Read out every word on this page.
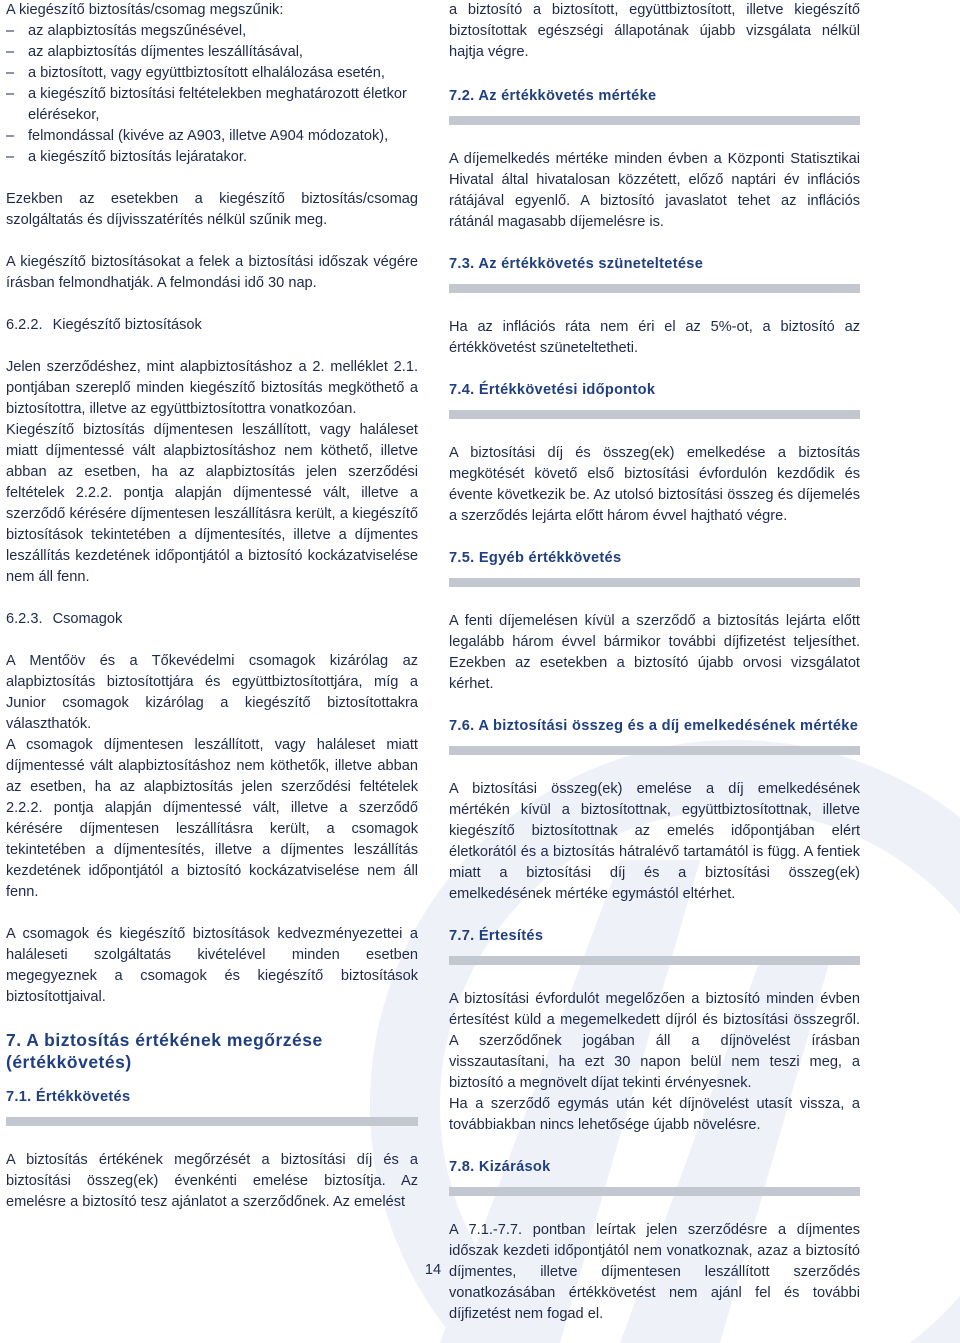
A kiegészítő biztosítás/csomag megszűnik:

– az alapbiztosítás megszűnésével,
– az alapbiztosítás díjmentes leszállításával,
– a biztosított, vagy együttbiztosított elhalálozása esetén,
– a kiegészítő biztosítási feltételekben meghatározott életkor elérésekor,
– felmondással (kivéve az A903, illetve A904 módozatok),
– a kiegészítő biztosítás lejáratakor.

Ezekben az esetekben a kiegészítő biztosítás/csomag szolgáltatás és díjvisszatérítés nélkül szűnik meg.

A kiegészítő biztosításokat a felek a biztosítási időszak végére írásban felmondhatják. A felmondási idő 30 nap.

6.2.2. Kiegészítő biztosítások

Jelen szerződéshez, mint alapbiztosításhoz a 2. melléklet 2.1. pontjában szereplő minden kiegészítő biztosítás megköthető a biztosítottra, illetve az együttbiztosítottra vonatkozóan.

Kiegészítő biztosítás díjmentesen leszállított, vagy haláleset miatt díjmentessé vált alapbiztosításhoz nem köthető, illetve abban az esetben, ha az alapbiztosítás jelen szerződési feltételek 2.2.2. pontja alapján díjmentessé vált, illetve a szerződő kérésére díjmentesen leszállításra került, a kiegészítő biztosítások tekintetében a díjmentesítés, illetve a díjmentes leszállítás kezdetének időpontjától a biztosító kockázatviselése nem áll fenn.

6.2.3. Csomagok

A Mentőöv és a Tőkevédelmi csomagok kizárólag az alapbiztosítás biztosítottjára és együttbiztosítottjára, míg a Junior csomagok kizárólag a kiegészítő biztosítottakra választhatók.

A csomagok díjmentesen leszállított, vagy haláleset miatt díjmentessé vált alapbiztosításhoz nem köthetők, illetve abban az esetben, ha az alapbiztosítás jelen szerződési feltételek 2.2.2. pontja alapján díjmentessé vált, illetve a szerződő kérésére díjmentesen leszállításra került, a csomagok tekintetében a díjmentesítés, illetve a díjmentes leszállítás kezdetének időpontjától a biztosító kockázatviselése nem áll fenn.

A csomagok és kiegészítő biztosítások kedvezményezettei a haláleseti szolgáltatás kivételével minden esetben megegyeznek a csomagok és kiegészítő biztosítások biztosítottjaival.

7. A biztosítás értékének megőrzése (értékkövetés)
7.1. Értékkövetés

A biztosítás értékének megőrzését a biztosítási díj és a biztosítási összeg(ek) évenkénti emelése biztosítja. Az emelésre a biztosító tesz ajánlatot a szerződőnek. Az emelést

a biztosító a biztosított, együttbiztosított, illetve kiegészítő biztosítottak egészségi állapotának újabb vizsgálata nélkül hajtja végre.

7.2. Az értékkövetés mértéke

A díjemelkedés mértéke minden évben a Központi Statisztikai Hivatal által hivatalosan közzétett, előző naptári év inflációs rátájával egyenlő. A biztosító javaslatot tehet az inflációs rátánál magasabb díjemelésre is.

7.3. Az értékkövetés szüneteltetése

Ha az inflációs ráta nem éri el az 5%-ot, a biztosító az értékkövetést szüneteltetheti.

7.4. Értékkövetési időpontok

A biztosítási díj és összeg(ek) emelkedése a biztosítás megkötését követő első biztosítási évfordulón kezdődik és évente következik be. Az utolsó biztosítási összeg és díjemelés a szerződés lejárta előtt három évvel hajtható végre.

7.5. Egyéb értékkövetés

A fenti díjemelésen kívül a szerződő a biztosítás lejárta előtt legalább három évvel bármikor további díjfizetést teljesíthet. Ezekben az esetekben a biztosító újabb orvosi vizsgálatot kérhet.

7.6. A biztosítási összeg és a díj emelkedésének mértéke

A biztosítási összeg(ek) emelése a díj emelkedésének mértékén kívül a biztosítottnak, együttbiztosítottnak, illetve kiegészítő biztosítottnak az emelés időpontjában elért életkorától és a biztosítás hátralévő tartamától is függ. A fentiek miatt a biztosítási díj és a biztosítási összeg(ek) emelkedésének mértéke egymástól eltérhet.

7.7. Értesítés

A biztosítási évfordulót megelőzően a biztosító minden évben értesítést küld a megemelkedett díjról és biztosítási összegről. A szerződőnek jogában áll a díjnövelést írásban visszautasítani, ha ezt 30 napon belül nem teszi meg, a biztosító a megnövelt díjat tekinti érvényesnek.

Ha a szerződő egymás után két díjnövelést utasít vissza, a továbbiakban nincs lehetősége újabb növelésre.

7.8. Kizárások

A 7.1.-7.7. pontban leírtak jelen szerződésre a díjmentes időszak kezdeti időpontjától nem vonatkoznak, azaz a biztosító díjmentes, illetve díjmentesen leszállított szerződés vonatkozásában értékkövetést nem ajánl fel és további díjfizetést nem fogad el.

14
